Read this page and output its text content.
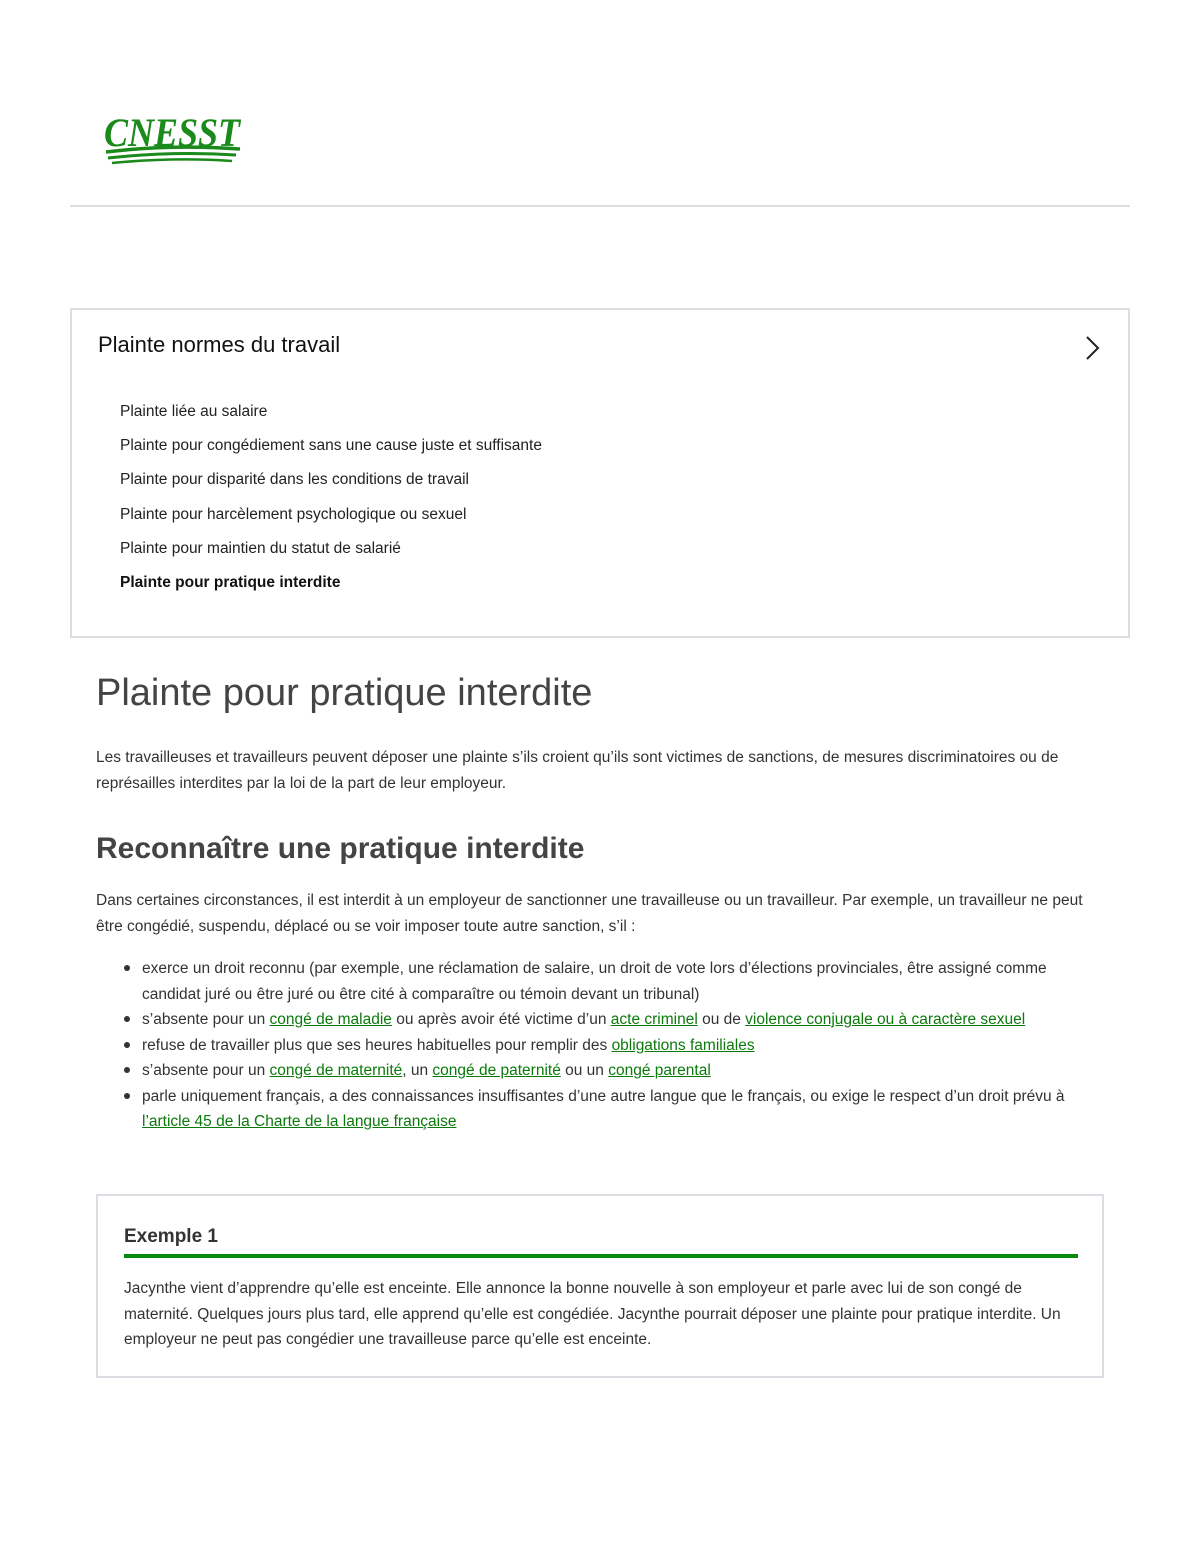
CNESST
Plainte normes du travail
Plainte liée au salaire
Plainte pour congédiement sans une cause juste et suffisante
Plainte pour disparité dans les conditions de travail
Plainte pour harcèlement psychologique ou sexuel
Plainte pour maintien du statut de salarié
Plainte pour pratique interdite
Plainte pour pratique interdite

Les travailleuses et travailleurs peuvent déposer une plainte s’ils croient qu’ils sont victimes de sanctions, de mesures discriminatoires ou de représailles interdites par la loi de la part de leur employeur.

Reconnaître une pratique interdite

Dans certaines circonstances, il est interdit à un employeur de sanctionner une travailleuse ou un travailleur. Par exemple, un travailleur ne peut être congédié, suspendu, déplacé ou se voir imposer toute autre sanction, s’il :

exerce un droit reconnu (par exemple, une réclamation de salaire, un droit de vote lors d’élections provinciales, être assigné comme candidat juré ou être juré ou être cité à comparaître ou témoin devant un tribunal)
s’absente pour un congé de maladie ou après avoir été victime d’un acte criminel ou de violence conjugale ou à caractère sexuel
refuse de travailler plus que ses heures habituelles pour remplir des obligations familiales
s’absente pour un congé de maternité, un congé de paternité ou un congé parental
parle uniquement français, a des connaissances insuffisantes d’une autre langue que le français, ou exige le respect d’un droit prévu à l’article 45 de la Charte de la langue française
Exemple 1

Jacynthe vient d’apprendre qu’elle est enceinte. Elle annonce la bonne nouvelle à son employeur et parle avec lui de son congé de maternité. Quelques jours plus tard, elle apprend qu’elle est congédiée. Jacynthe pourrait déposer une plainte pour pratique interdite. Un employeur ne peut pas congédier une travailleuse parce qu’elle est enceinte.
